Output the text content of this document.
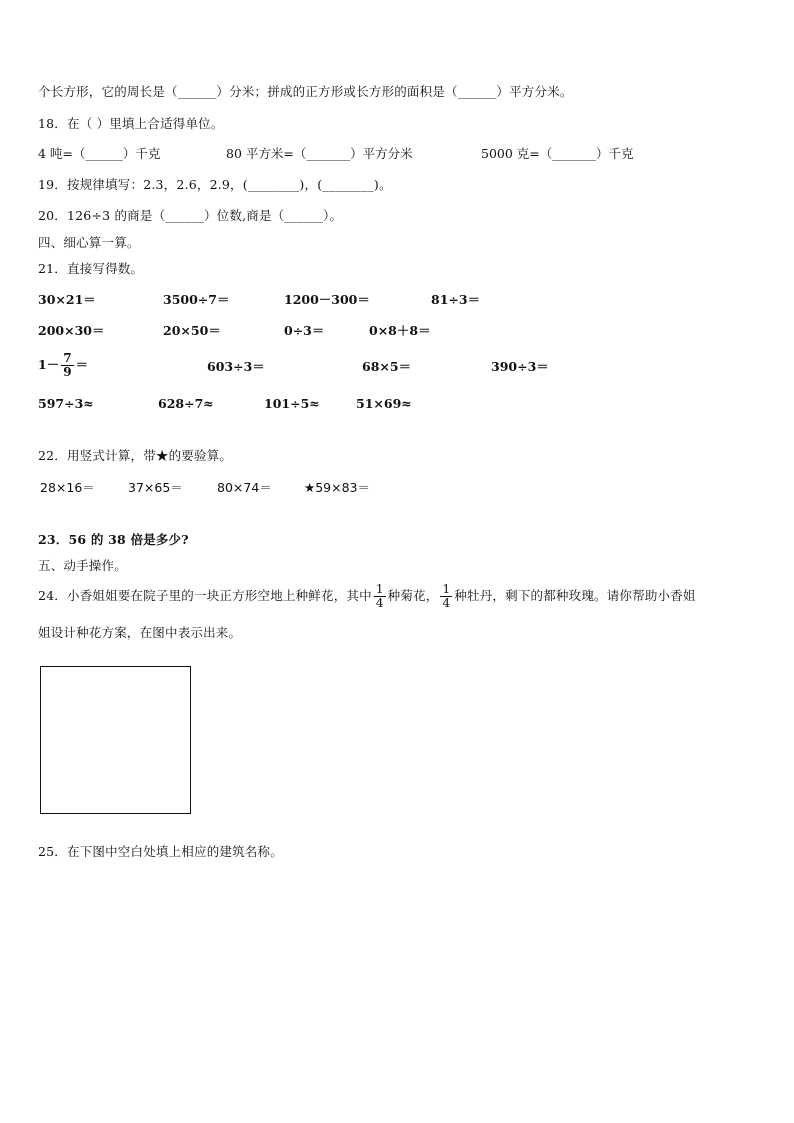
个长方形，它的周长是（______）分米；拼成的正方形或长方形的面积是（______）平方分米。
18．在（ ）里填上合适得单位。
4 吨=（______）千克	80 平方米=（_______）平方分米	5000 克=（_______）千克
19．按规律填写：2.3，2.6，2.9，(________)，(________)。
20．126÷3 的商是（______）位数,商是（______）。
四、细心算一算。
21．直接写得数。
30×21＝	3500÷7＝	1200－300＝	81÷3＝
200×30＝	20×50＝	0÷3＝	0×8＋8＝
$1- \frac{7}{9}$ ＝	603÷3＝	68×5＝	390÷3＝
597÷3≈	628÷7≈	101÷5≈	51×69≈
22．用竖式计算，带★的要验算。
28×16＝	37×65＝	80×74＝	★59×83＝
23．56 的 38 倍是多少?
五、动手操作。
24．小香姐姐要在院子里的一块正方形空地上种鲜花，其中 $\frac{1}{4}$ 种菊花， $\frac{1}{4}$ 种牡丹，剩下的都种玫瑰。请你帮助小香姐
姐设计种花方案，在图中表示出来。
25．在下图中空白处填上相应的建筑名称。
